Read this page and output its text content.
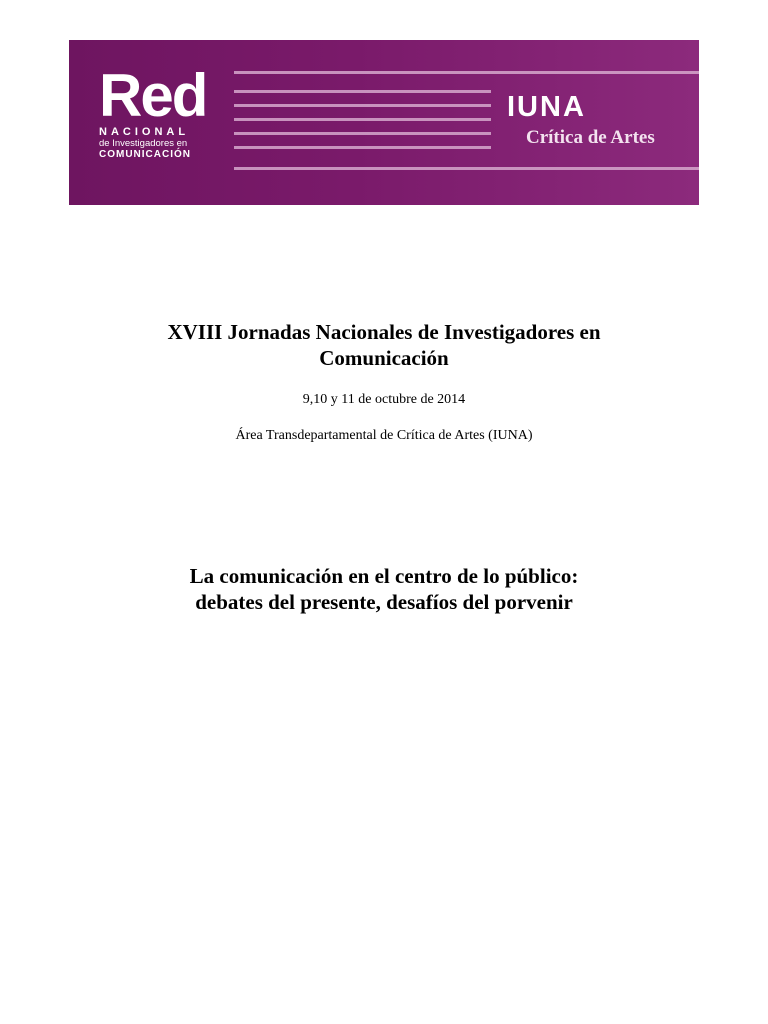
Red
NACIONAL
de Investigadores en
COMUNICACIÓN
IUNA
Crítica de Artes
XVIII Jornadas Nacionales de Investigadores en
Comunicación
9,10 y 11 de octubre de 2014
Área Transdepartamental de Crítica de Artes (IUNA)
La comunicación en el centro de lo público:
debates del presente, desafíos del porvenir
